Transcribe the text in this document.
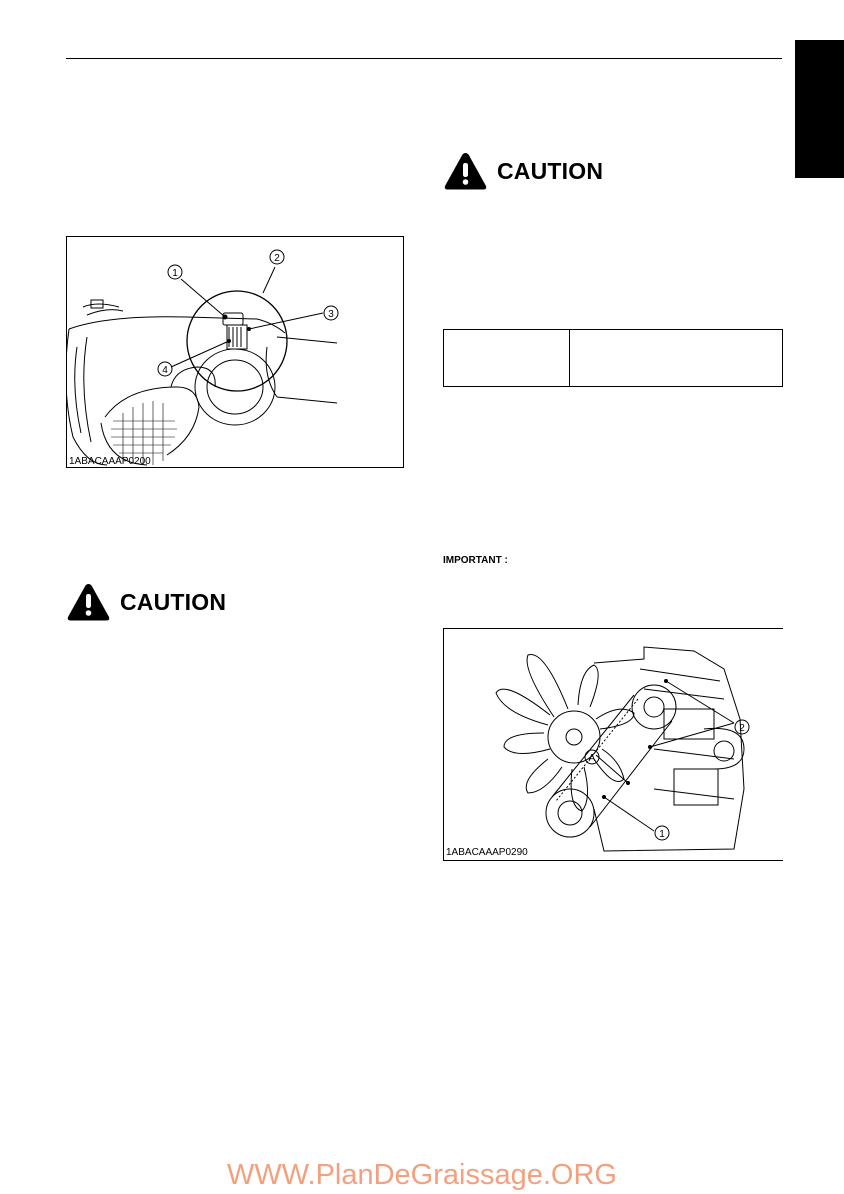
CAUTION
CAUTION
1
2
3
4
1ABACAAAP0200
IMPORTANT :
1
2
A
1ABACAAAP0290
WWW.PlanDeGraissage.ORG
